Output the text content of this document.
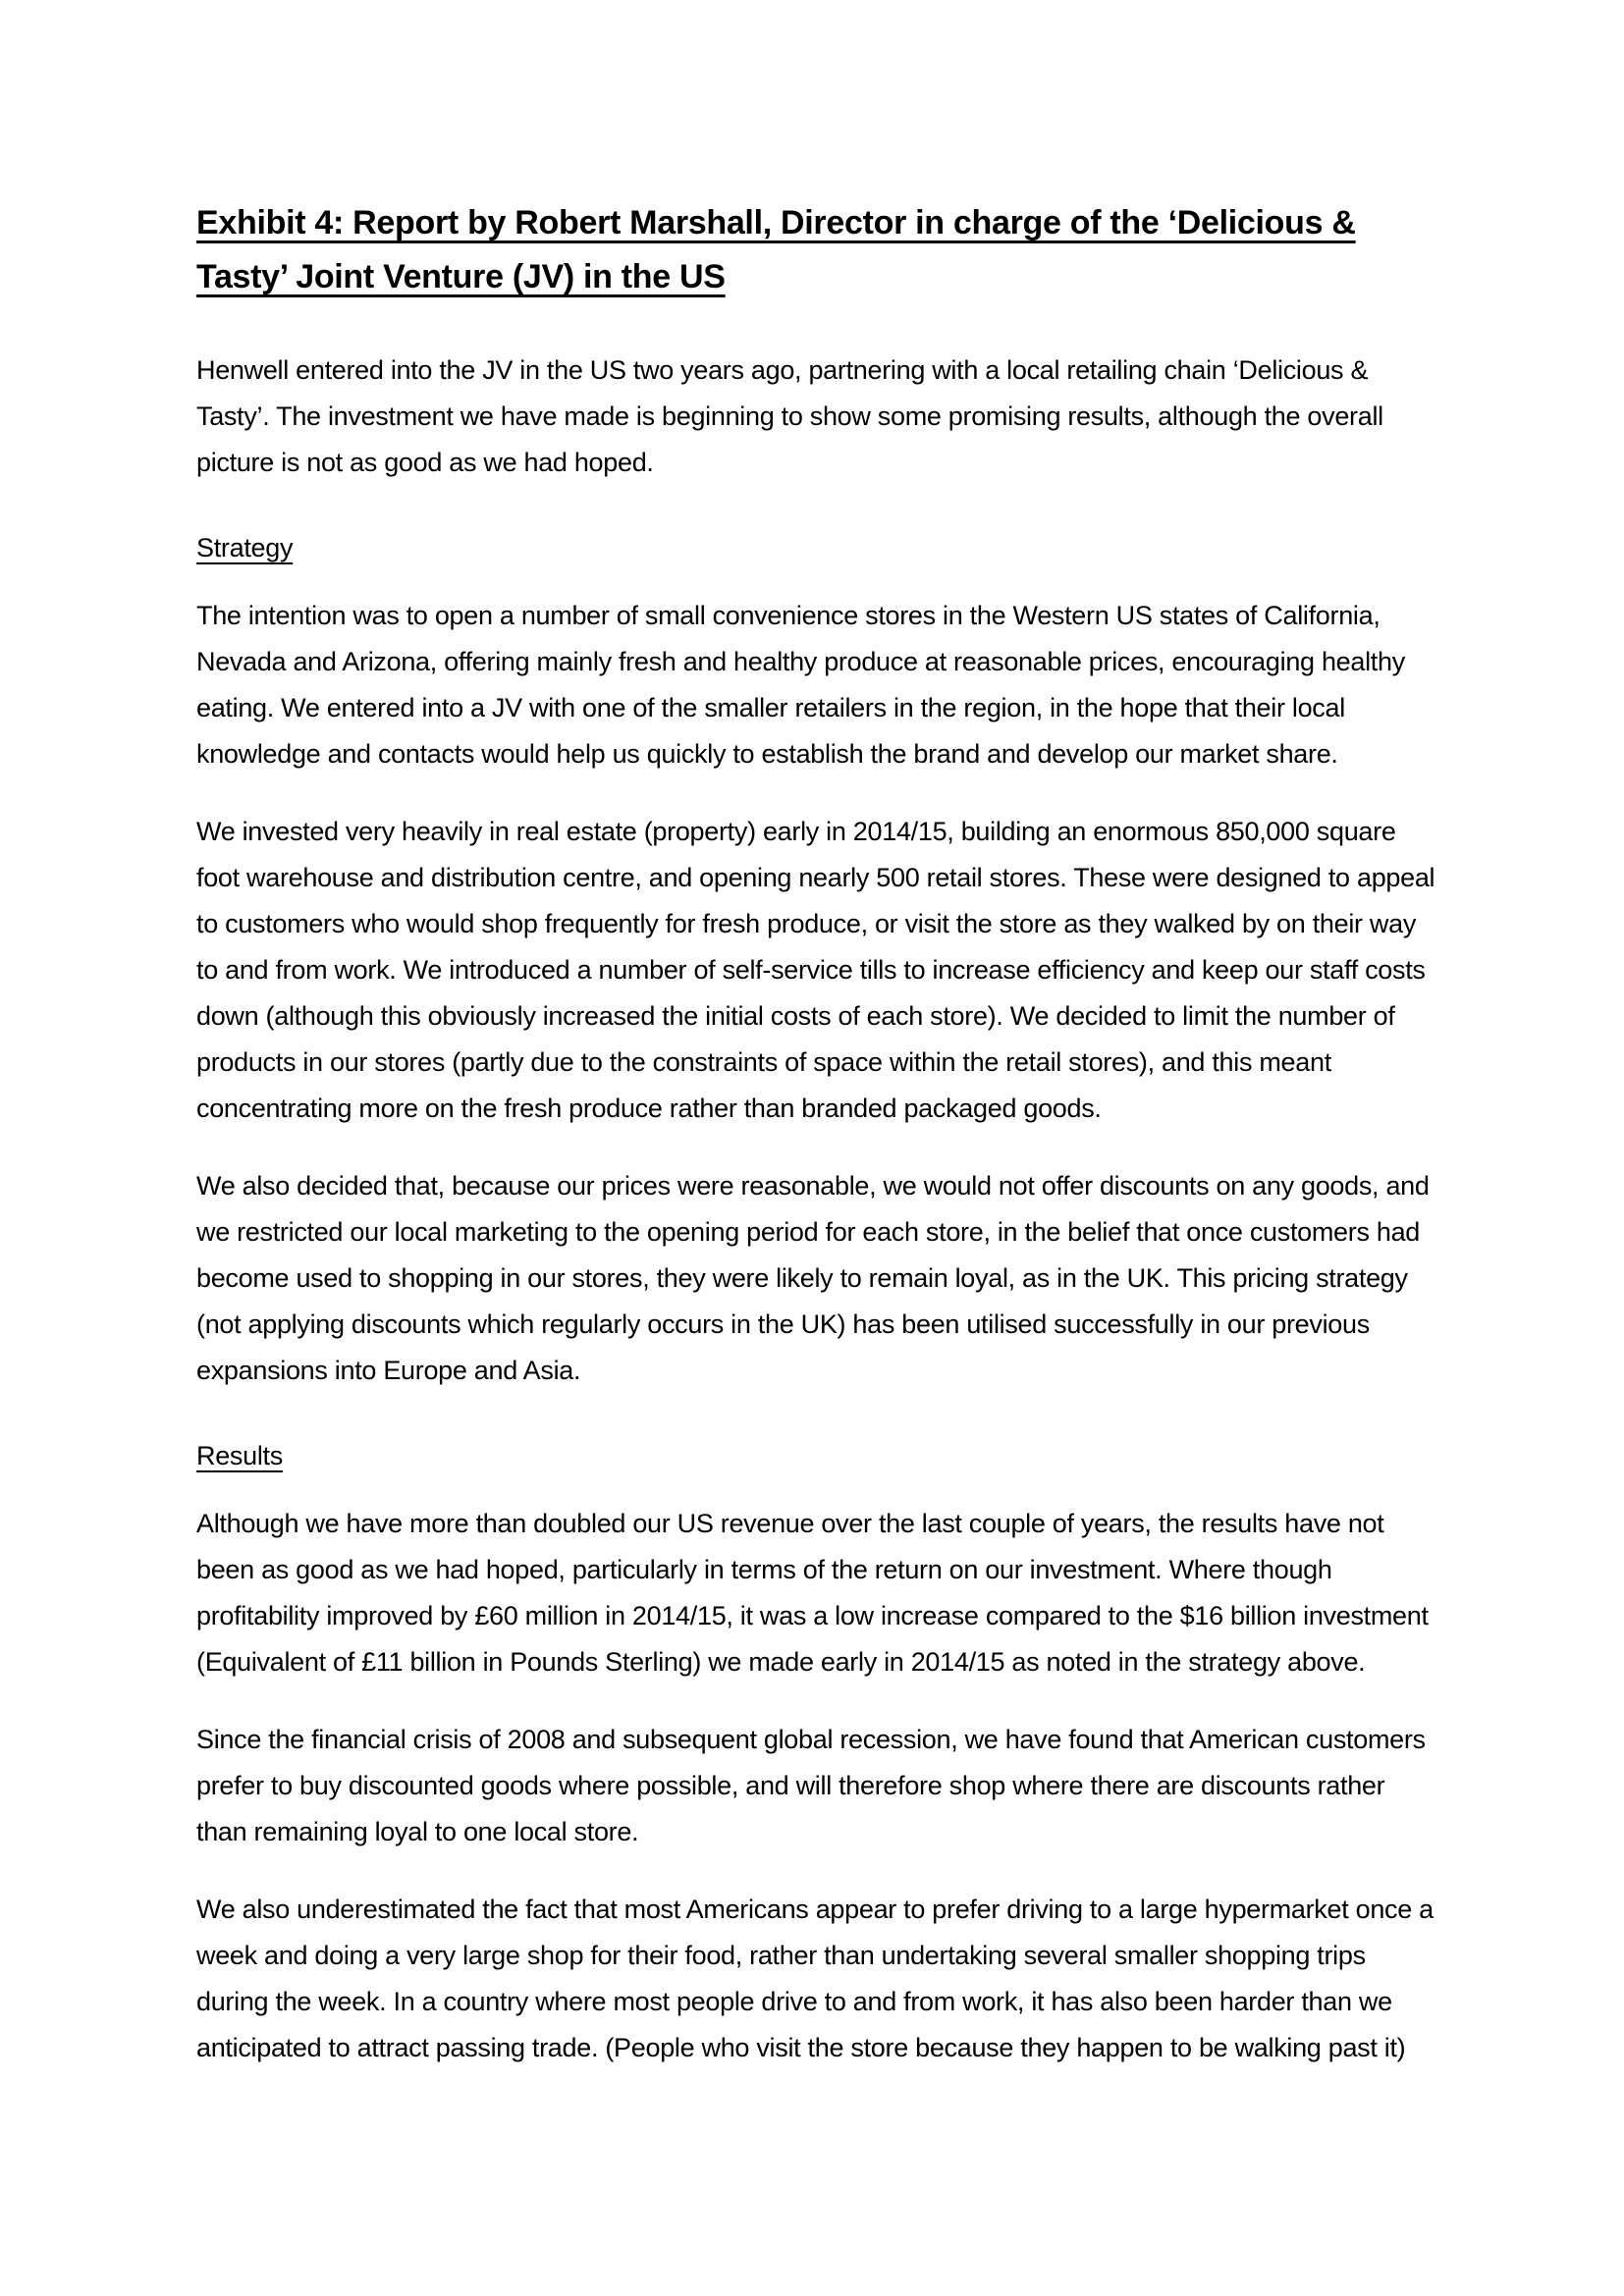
Exhibit 4: Report by Robert Marshall, Director in charge of the ‘Delicious & Tasty’ Joint Venture (JV) in the US

Henwell entered into the JV in the US two years ago, partnering with a local retailing chain ‘Delicious & Tasty’. The investment we have made is beginning to show some promising results, although the overall picture is not as good as we had hoped.

Strategy

The intention was to open a number of small convenience stores in the Western US states of California, Nevada and Arizona, offering mainly fresh and healthy produce at reasonable prices, encouraging healthy eating. We entered into a JV with one of the smaller retailers in the region, in the hope that their local knowledge and contacts would help us quickly to establish the brand and develop our market share.

We invested very heavily in real estate (property) early in 2014/15, building an enormous 850,000 square foot warehouse and distribution centre, and opening nearly 500 retail stores. These were designed to appeal to customers who would shop frequently for fresh produce, or visit the store as they walked by on their way to and from work. We introduced a number of self-service tills to increase efficiency and keep our staff costs down (although this obviously increased the initial costs of each store). We decided to limit the number of products in our stores (partly due to the constraints of space within the retail stores), and this meant concentrating more on the fresh produce rather than branded packaged goods.

We also decided that, because our prices were reasonable, we would not offer discounts on any goods, and we restricted our local marketing to the opening period for each store, in the belief that once customers had become used to shopping in our stores, they were likely to remain loyal, as in the UK. This pricing strategy (not applying discounts which regularly occurs in the UK) has been utilised successfully in our previous expansions into Europe and Asia.

Results

Although we have more than doubled our US revenue over the last couple of years, the results have not been as good as we had hoped, particularly in terms of the return on our investment. Where though profitability improved by £60 million in 2014/15, it was a low increase compared to the $16 billion investment (Equivalent of £11 billion in Pounds Sterling) we made early in 2014/15 as noted in the strategy above.

Since the financial crisis of 2008 and subsequent global recession, we have found that American customers prefer to buy discounted goods where possible, and will therefore shop where there are discounts rather than remaining loyal to one local store.

We also underestimated the fact that most Americans appear to prefer driving to a large hypermarket once a week and doing a very large shop for their food, rather than undertaking several smaller shopping trips during the week. In a country where most people drive to and from work, it has also been harder than we anticipated to attract passing trade. (People who visit the store because they happen to be walking past it)
